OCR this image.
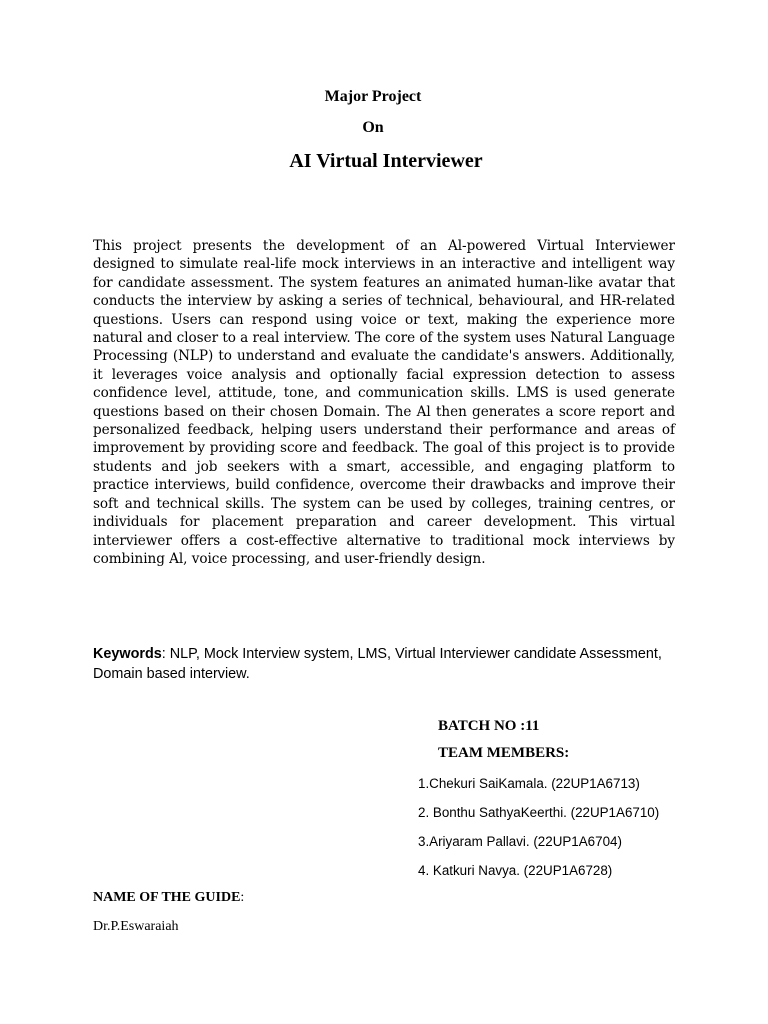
Major Project
On
AI Virtual Interviewer

This project presents the development of an Al-powered Virtual Interviewer designed to simulate real-life mock interviews in an interactive and intelligent way for candidate assessment. The system features an animated human-like avatar that conducts the interview by asking a series of technical, behavioural, and HR-related questions. Users can respond using voice or text, making the experience more natural and closer to a real interview. The core of the system uses Natural Language Processing (NLP) to understand and evaluate the candidate's answers. Additionally, it leverages voice analysis and optionally facial expression detection to assess confidence level, attitude, tone, and communication skills. LMS is used generate questions based on their chosen Domain. The Al then generates a score report and personalized feedback, helping users understand their performance and areas of improvement by providing score and feedback. The goal of this project is to provide students and job seekers with a smart, accessible, and engaging platform to practice interviews, build confidence, overcome their drawbacks and improve their soft and technical skills. The system can be used by colleges, training centres, or individuals for placement preparation and career development. This virtual interviewer offers a cost-effective alternative to traditional mock interviews by combining Al, voice processing, and user-friendly design.

Keywords: NLP, Mock Interview system, LMS, Virtual Interviewer candidate Assessment, Domain based interview.

BATCH NO :11
TEAM MEMBERS:
1.Chekuri SaiKamala. (22UP1A6713)
2. Bonthu SathyaKeerthi. (22UP1A6710)
3.Ariyaram Pallavi. (22UP1A6704)
4. Katkuri Navya. (22UP1A6728)
NAME OF THE GUIDE:
Dr.P.Eswaraiah
